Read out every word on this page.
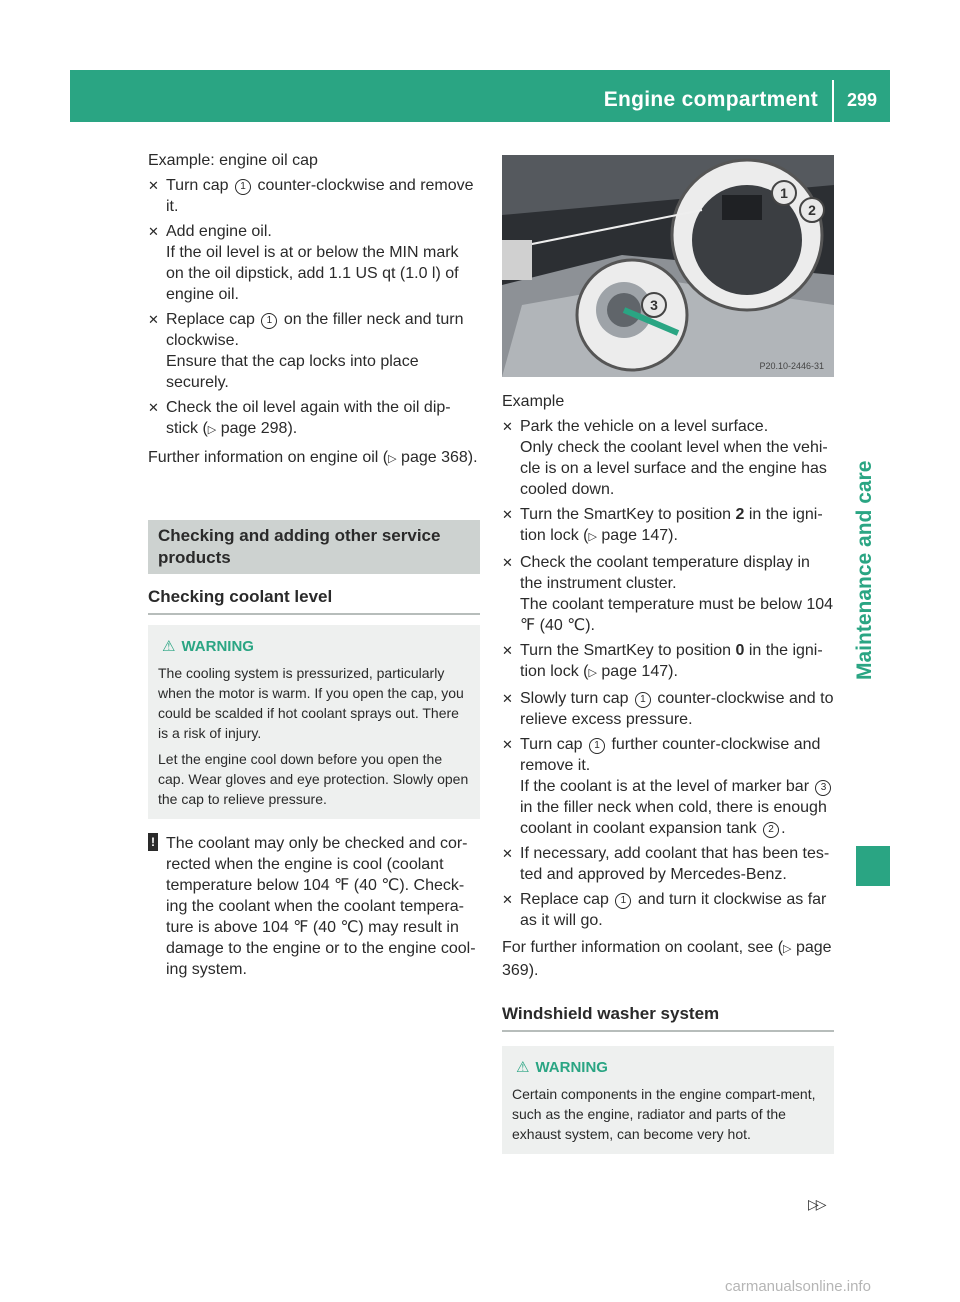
Engine compartment	299
Maintenance and care

Example: engine oil cap

✕ Turn cap 1 counter-clockwise and remove it.
✕ Add engine oil.

If the oil level is at or below the MIN mark on the oil dipstick, add 1.1 US qt (1.0 l) of engine oil.

✕ Replace cap 1 on the filler neck and turn clockwise.

Ensure that the cap locks into place securely.

✕ Check the oil level again with the oil dip-stick (▷ page 298).

Further information on engine oil (▷ page 368).

Checking and adding other service products
Checking coolant level
⚠ WARNING

The cooling system is pressurized, particularly when the motor is warm. If you open the cap, you could be scalded if hot coolant sprays out. There is a risk of injury.

Let the engine cool down before you open the cap. Wear gloves and eye protection. Slowly open the cap to relieve pressure.

! The coolant may only be checked and cor-rected when the engine is cool (coolant temperature below 104 ℉ (40 ℃). Check-ing the coolant when the coolant tempera-ture is above 104 ℉ (40 ℃) may result in damage to the engine or to the engine cool-ing system.
1
2
3
P20.10-2446-31

Example

✕ Park the vehicle on a level surface.

Only check the coolant level when the vehi-cle is on a level surface and the engine has cooled down.

✕ Turn the SmartKey to position 2 in the igni-tion lock (▷ page 147).
✕ Check the coolant temperature display in the instrument cluster.

The coolant temperature must be below 104 ℉ (40 ℃).

✕ Turn the SmartKey to position 0 in the igni-tion lock (▷ page 147).
✕ Slowly turn cap 1 counter-clockwise and to relieve excess pressure.
✕ Turn cap 1 further counter-clockwise and remove it.

If the coolant is at the level of marker bar 3 in the filler neck when cold, there is enough coolant in coolant expansion tank 2 .

✕ If necessary, add coolant that has been tes-ted and approved by Mercedes-Benz.
✕ Replace cap 1 and turn it clockwise as far as it will go.

For further information on coolant, see (▷ page 369).

Windshield washer system
⚠ WARNING

Certain components in the engine compart-ment, such as the engine, radiator and parts of the exhaust system, can become very hot.

▷▷
carmanualsonline.info
